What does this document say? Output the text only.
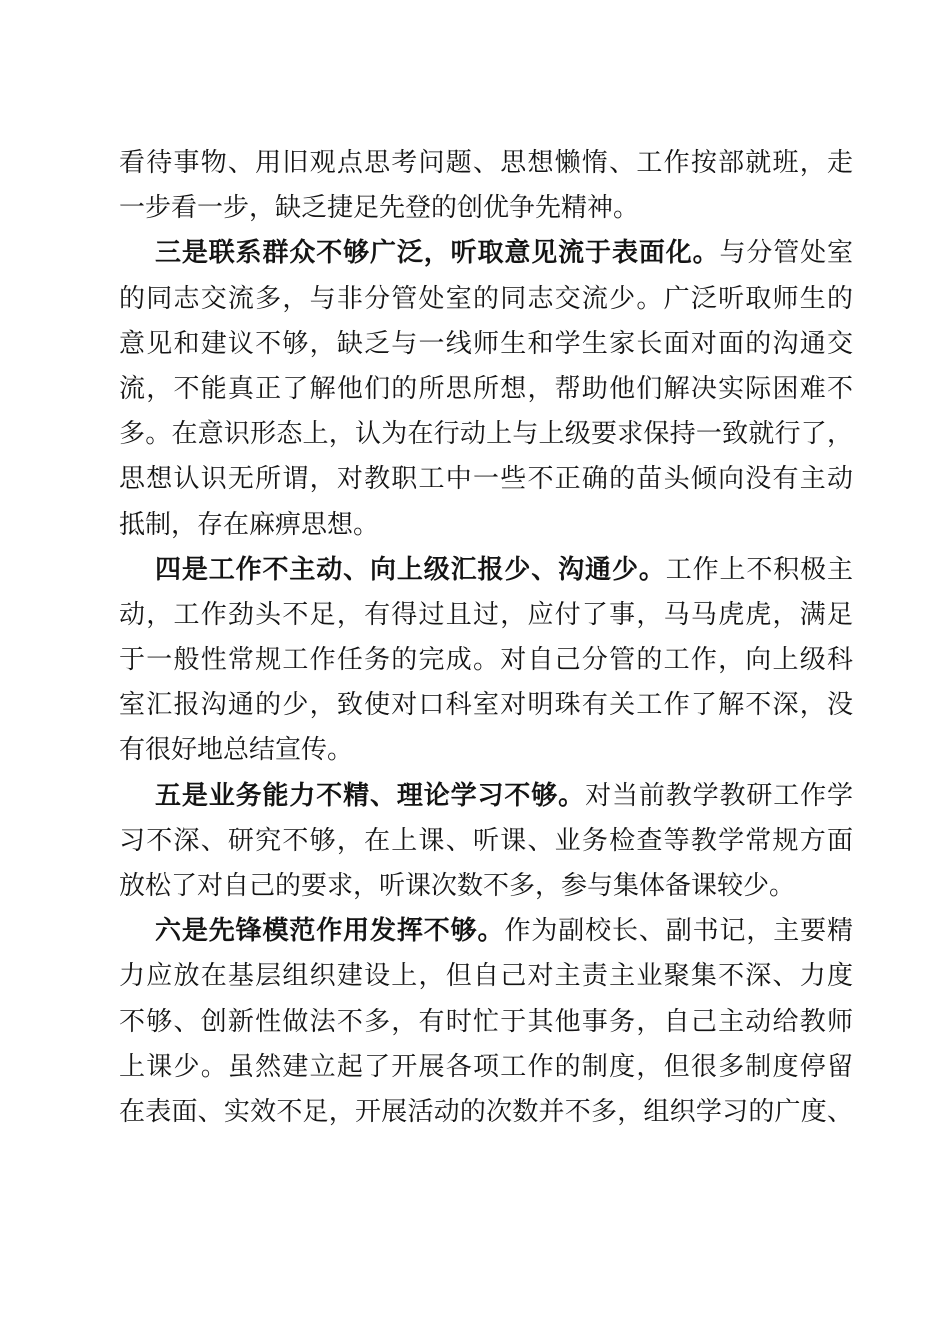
看待事物、用旧观点思考问题、思想懒惰、工作按部就班，走
一步看一步，缺乏捷足先登的创优争先精神。
三是联系群众不够广泛，听取意见流于表面化。与分管处室
的同志交流多，与非分管处室的同志交流少。广泛听取师生的
意见和建议不够，缺乏与一线师生和学生家长面对面的沟通交
流，不能真正了解他们的所思所想，帮助他们解决实际困难不
多。在意识形态上，认为在行动上与上级要求保持一致就行了，
思想认识无所谓，对教职工中一些不正确的苗头倾向没有主动
抵制，存在麻痹思想。
四是工作不主动、向上级汇报少、沟通少。工作上不积极主
动，工作劲头不足，有得过且过，应付了事，马马虎虎，满足
于一般性常规工作任务的完成。对自己分管的工作，向上级科
室汇报沟通的少，致使对口科室对明珠有关工作了解不深，没
有很好地总结宣传。
五是业务能力不精、理论学习不够。对当前教学教研工作学
习不深、研究不够，在上课、听课、业务检查等教学常规方面
放松了对自己的要求，听课次数不多，参与集体备课较少。
六是先锋模范作用发挥不够。作为副校长、副书记，主要精
力应放在基层组织建设上，但自己对主责主业聚集不深、力度
不够、创新性做法不多，有时忙于其他事务，自己主动给教师
上课少。虽然建立起了开展各项工作的制度，但很多制度停留
在表面、实效不足，开展活动的次数并不多，组织学习的广度、
